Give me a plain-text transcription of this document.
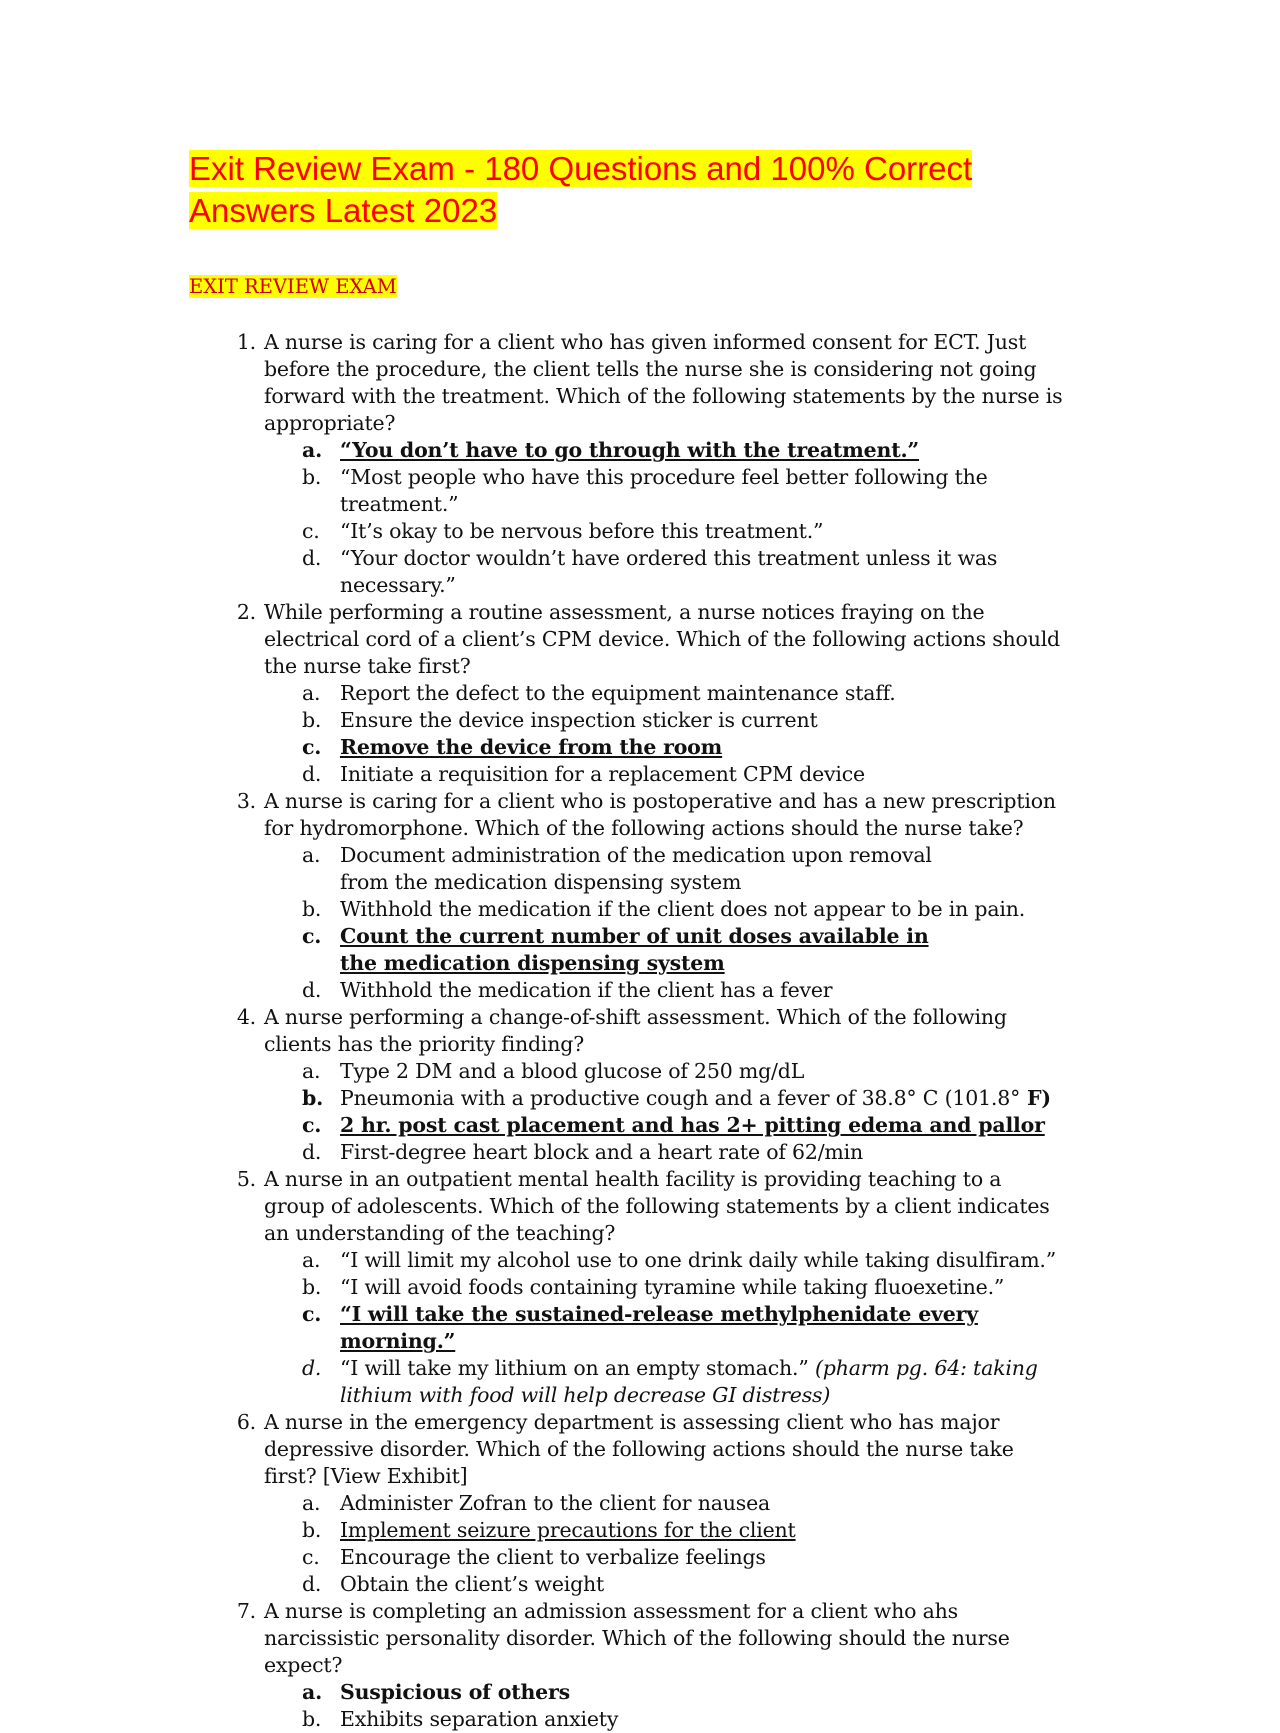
Exit Review Exam - 180 Questions and 100% Correct
Answers Latest 2023
EXIT REVIEW EXAM
1. A nurse is caring for a client who has given informed consent for ECT. Just before the procedure, the client tells the nurse she is considering not going forward with the treatment. Which of the following statements by the nurse is appropriate?
a. “You don’t have to go through with the treatment.”
b. “Most people who have this procedure feel better following the treatment.”
c. “It’s okay to be nervous before this treatment.”
d. “Your doctor wouldn’t have ordered this treatment unless it was necessary.”
2. While performing a routine assessment, a nurse notices fraying on the electrical cord of a client’s CPM device. Which of the following actions should the nurse take first?
a. Report the defect to the equipment maintenance staff.
b. Ensure the device inspection sticker is current
c. Remove the device from the room
d. Initiate a requisition for a replacement CPM device
3. A nurse is caring for a client who is postoperative and has a new prescription for hydromorphone. Which of the following actions should the nurse take?
a. Document administration of the medication upon removal from the medication dispensing system
b. Withhold the medication if the client does not appear to be in pain.
c. Count the current number of unit doses available in the medication dispensing system
d. Withhold the medication if the client has a fever
4. A nurse performing a change-of-shift assessment. Which of the following clients has the priority finding?
a. Type 2 DM and a blood glucose of 250 mg/dL
b. Pneumonia with a productive cough and a fever of 38.8° C (101.8° F)
c. 2 hr. post cast placement and has 2+ pitting edema and pallor
d. First-degree heart block and a heart rate of 62/min
5. A nurse in an outpatient mental health facility is providing teaching to a group of adolescents. Which of the following statements by a client indicates an understanding of the teaching?
a. “I will limit my alcohol use to one drink daily while taking disulfiram.”
b. “I will avoid foods containing tyramine while taking fluoexetine.”
c. “I will take the sustained-release methylphenidate every morning.”
d. “I will take my lithium on an empty stomach.” (pharm pg. 64: taking lithium with food will help decrease GI distress)
6. A nurse in the emergency department is assessing client who has major depressive disorder. Which of the following actions should the nurse take first? [View Exhibit]
a. Administer Zofran to the client for nausea
b. Implement seizure precautions for the client
c. Encourage the client to verbalize feelings
d. Obtain the client’s weight
7. A nurse is completing an admission assessment for a client who ahs narcissistic personality disorder. Which of the following should the nurse expect?
a. Suspicious of others
b. Exhibits separation anxiety
